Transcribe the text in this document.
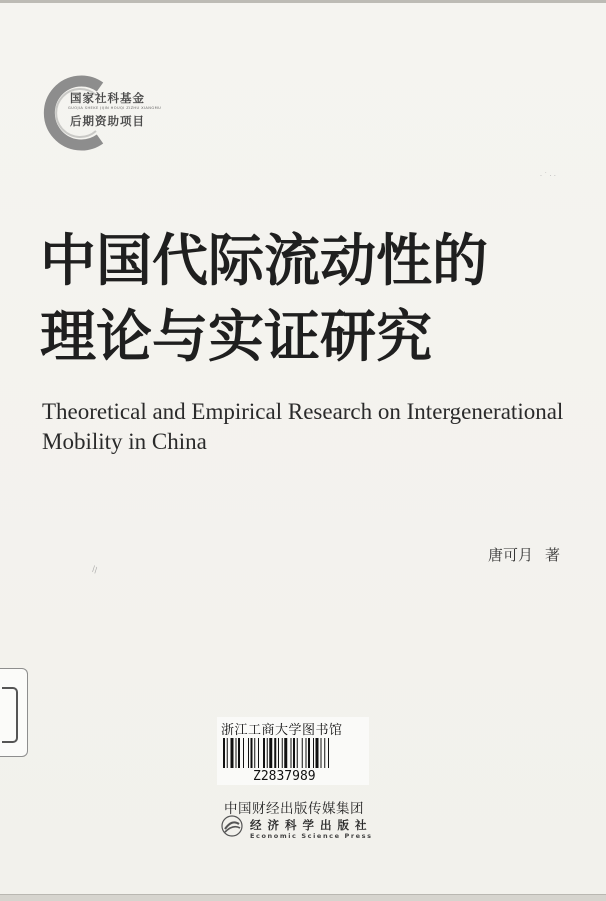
国家社科基金
GUOJIA SHEKE JIJIN HOUQI ZIZHU XIANGMU
后期资助项目
·˙··
中国代际流动性的
理论与实证研究
Theoretical and Empirical Research on Intergenerational
Mobility in China
唐可月 著
\\
浙江工商大学图书馆
Z2837989
中国财经出版传媒集团
经济科学出版社
Economic Science Press
